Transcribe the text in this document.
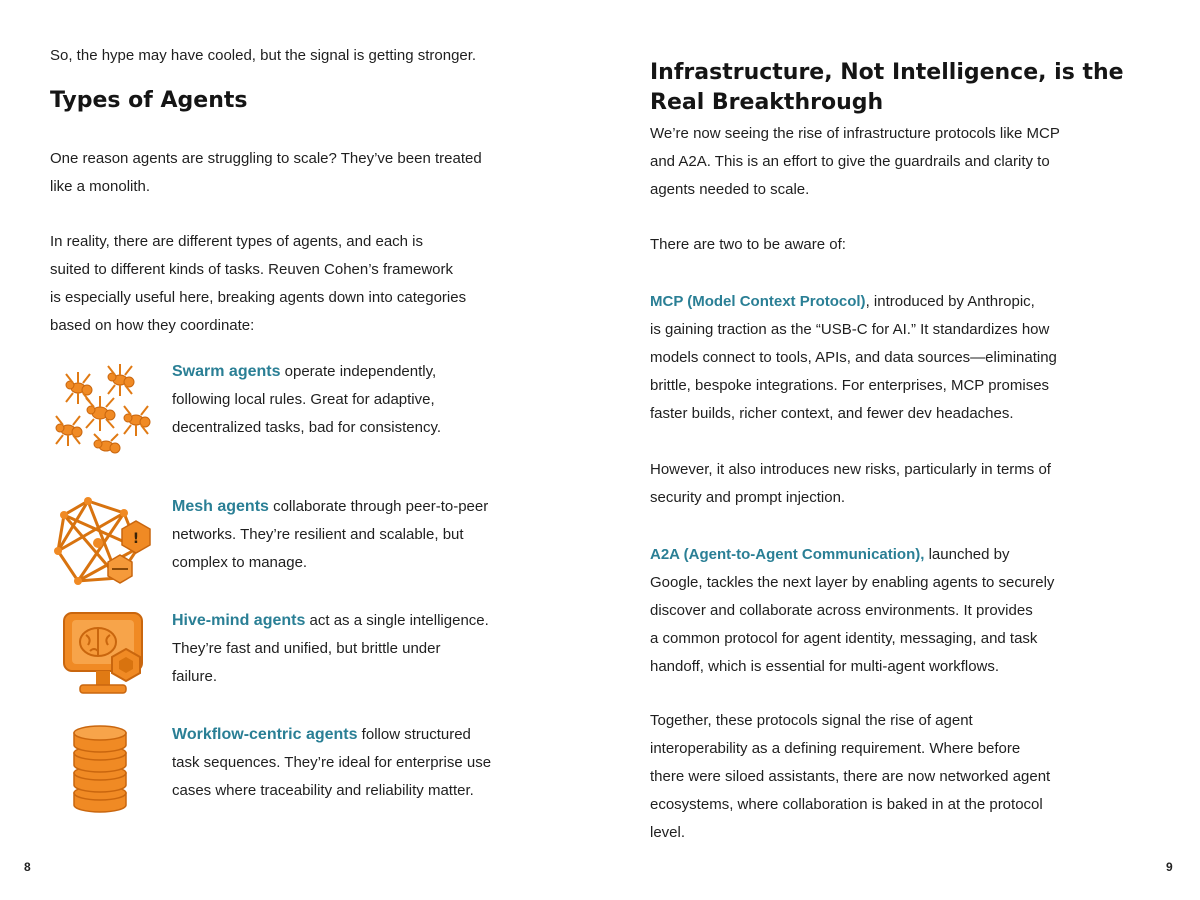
So, the hype may have cooled, but the signal is getting stronger.

Types of Agents

One reason agents are struggling to scale? They’ve been treated
like a monolith.

In reality, there are different types of agents, and each is
suited to different kinds of tasks. Reuven Cohen’s framework
is especially useful here, breaking agents down into categories
based on how they coordinate:

Swarm agents operate independently,
following local rules. Great for adaptive,
decentralized tasks, bad for consistency.

!

Mesh agents collaborate through peer-to-peer
networks. They’re resilient and scalable, but
complex to manage.

Hive-mind agents act as a single intelligence.
They’re fast and unified, but brittle under
failure.

Workflow-centric agents follow structured
task sequences. They’re ideal for enterprise use
cases where traceability and reliability matter.

8
Infrastructure, Not Intelligence, is the
Real Breakthrough

We’re now seeing the rise of infrastructure protocols like MCP
and A2A. This is an effort to give the guardrails and clarity to
agents needed to scale.

There are two to be aware of:

MCP (Model Context Protocol), introduced by Anthropic,
is gaining traction as the “USB-C for AI.” It standardizes how
models connect to tools, APIs, and data sources—eliminating
brittle, bespoke integrations. For enterprises, MCP promises
faster builds, richer context, and fewer dev headaches.

However, it also introduces new risks, particularly in terms of
security and prompt injection.

A2A (Agent-to-Agent Communication), launched by
Google, tackles the next layer by enabling agents to securely
discover and collaborate across environments. It provides
a common protocol for agent identity, messaging, and task
handoff, which is essential for multi-agent workflows.

Together, these protocols signal the rise of agent
interoperability as a defining requirement. Where before
there were siloed assistants, there are now networked agent
ecosystems, where collaboration is baked in at the protocol
level.

9
